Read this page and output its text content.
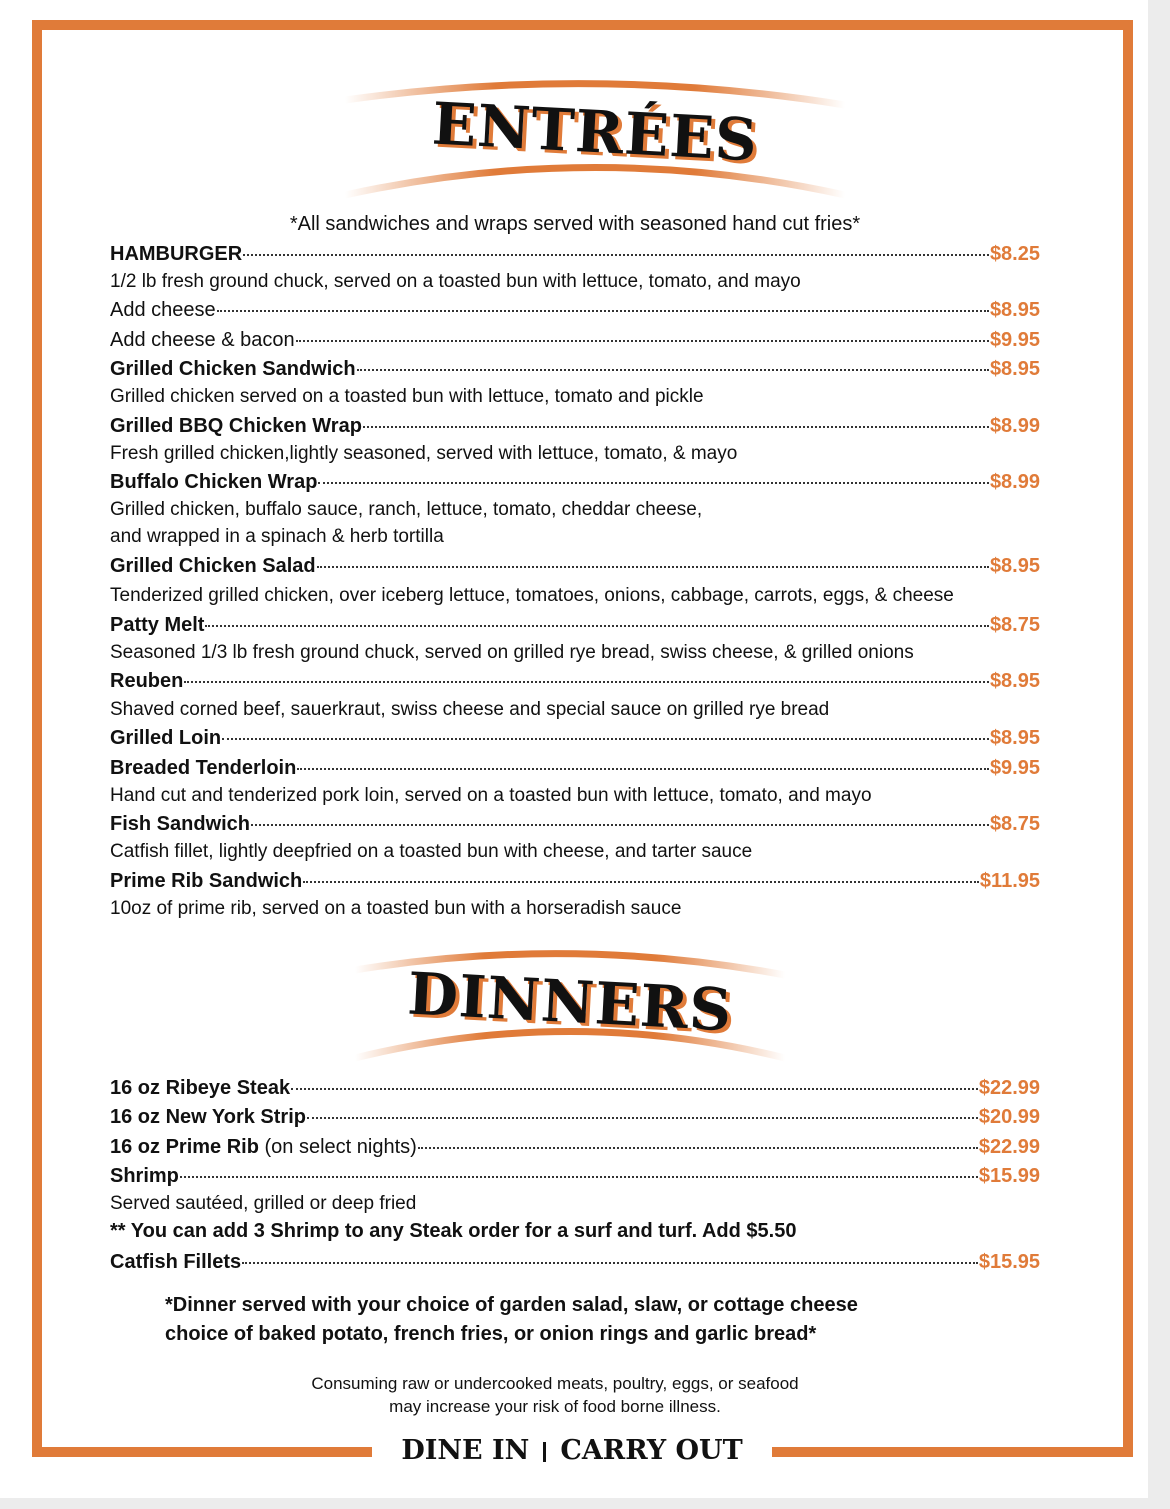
ENTRÉES
*All sandwiches and wraps served with seasoned hand cut fries*
HAMBURGER	$8.25
1/2 lb fresh ground chuck, served on a toasted bun with lettuce, tomato, and mayo
Add cheese	$8.95
Add cheese & bacon	$9.95
Grilled Chicken Sandwich	$8.95
Grilled chicken served on a toasted bun with lettuce, tomato and pickle
Grilled BBQ Chicken Wrap	$8.99
Fresh grilled chicken,lightly seasoned, served with lettuce, tomato, & mayo
Buffalo Chicken Wrap	$8.99
Grilled chicken, buffalo sauce, ranch, lettuce, tomato, cheddar cheese,
and wrapped in a spinach & herb tortilla
Grilled Chicken Salad	$8.95
Tenderized grilled chicken, over iceberg lettuce, tomatoes, onions, cabbage, carrots, eggs, & cheese
Patty Melt	$8.75
Seasoned 1/3 lb fresh ground chuck, served on grilled rye bread, swiss cheese, & grilled onions
Reuben	$8.95
Shaved corned beef, sauerkraut, swiss cheese and special sauce on grilled rye bread
Grilled Loin	$8.95
Breaded Tenderloin	$9.95
Hand cut and tenderized pork loin, served on a toasted bun with lettuce, tomato, and mayo
Fish Sandwich	$8.75
Catfish fillet, lightly deepfried on a toasted bun with cheese, and tarter sauce
Prime Rib Sandwich	$11.95
10oz of prime rib, served on a toasted bun with a horseradish sauce
DINNERS
16 oz Ribeye Steak	$22.99
16 oz New York Strip	$20.99
16 oz Prime Rib (on select nights)	$22.99
Shrimp	$15.99
Served sautéed, grilled or deep fried
** You can add 3 Shrimp to any Steak order for a surf and turf. Add $5.50
Catfish Fillets	$15.95
*Dinner served with your choice of garden salad, slaw, or cottage cheese
choice of baked potato, french fries, or onion rings and garlic bread*
Consuming raw or undercooked meats, poultry, eggs, or seafood
may increase your risk of food borne illness.
DINE IN CARRY OUT
